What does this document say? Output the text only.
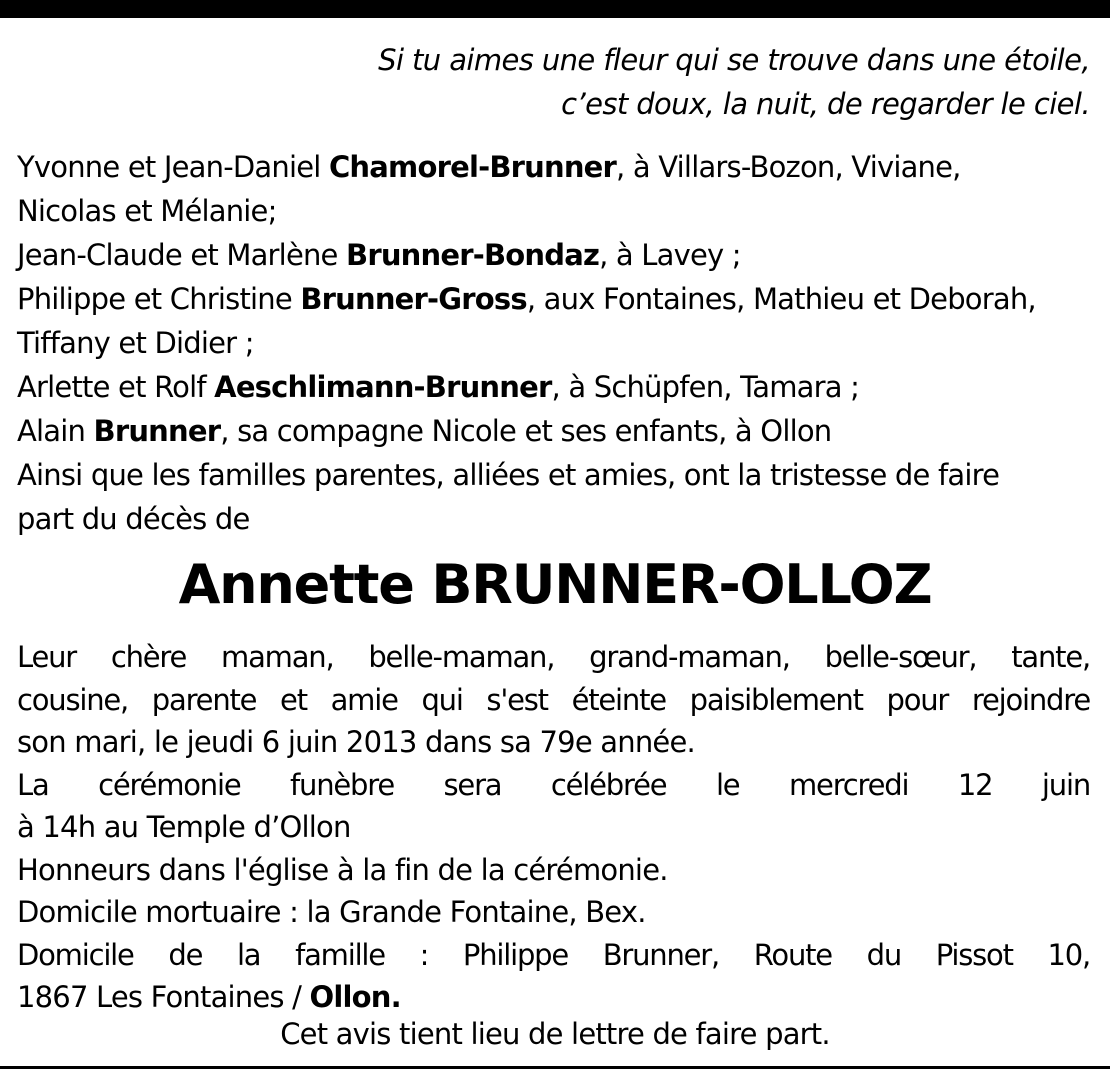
Si tu aimes une fleur qui se trouve dans une étoile,
c’est doux, la nuit, de regarder le ciel.
Yvonne et Jean-Daniel Chamorel-Brunner, à Villars-Bozon, Viviane,
Nicolas et Mélanie;
Jean-Claude et Marlène Brunner-Bondaz, à Lavey ;
Philippe et Christine Brunner-Gross, aux Fontaines, Mathieu et Deborah,
Tiffany et Didier ;
Arlette et Rolf Aeschlimann-Brunner, à Schüpfen, Tamara ;
Alain Brunner, sa compagne Nicole et ses enfants, à Ollon
Ainsi que les familles parentes, alliées et amies, ont la tristesse de faire
part du décès de
Annette BRUNNER-OLLOZ
Leur chère maman, belle-maman, grand-maman, belle-sœur, tante,
cousine, parente et amie qui s'est éteinte paisiblement pour rejoindre
son mari, le jeudi 6 juin 2013 dans sa 79e année.
La cérémonie funèbre sera célébrée le mercredi 12 juin
à 14h au Temple d’Ollon
Honneurs dans l'église à la fin de la cérémonie.
Domicile mortuaire : la Grande Fontaine, Bex.
Domicile de la famille : Philippe Brunner, Route du Pissot 10,
1867 Les Fontaines / Ollon.
Cet avis tient lieu de lettre de faire part.
